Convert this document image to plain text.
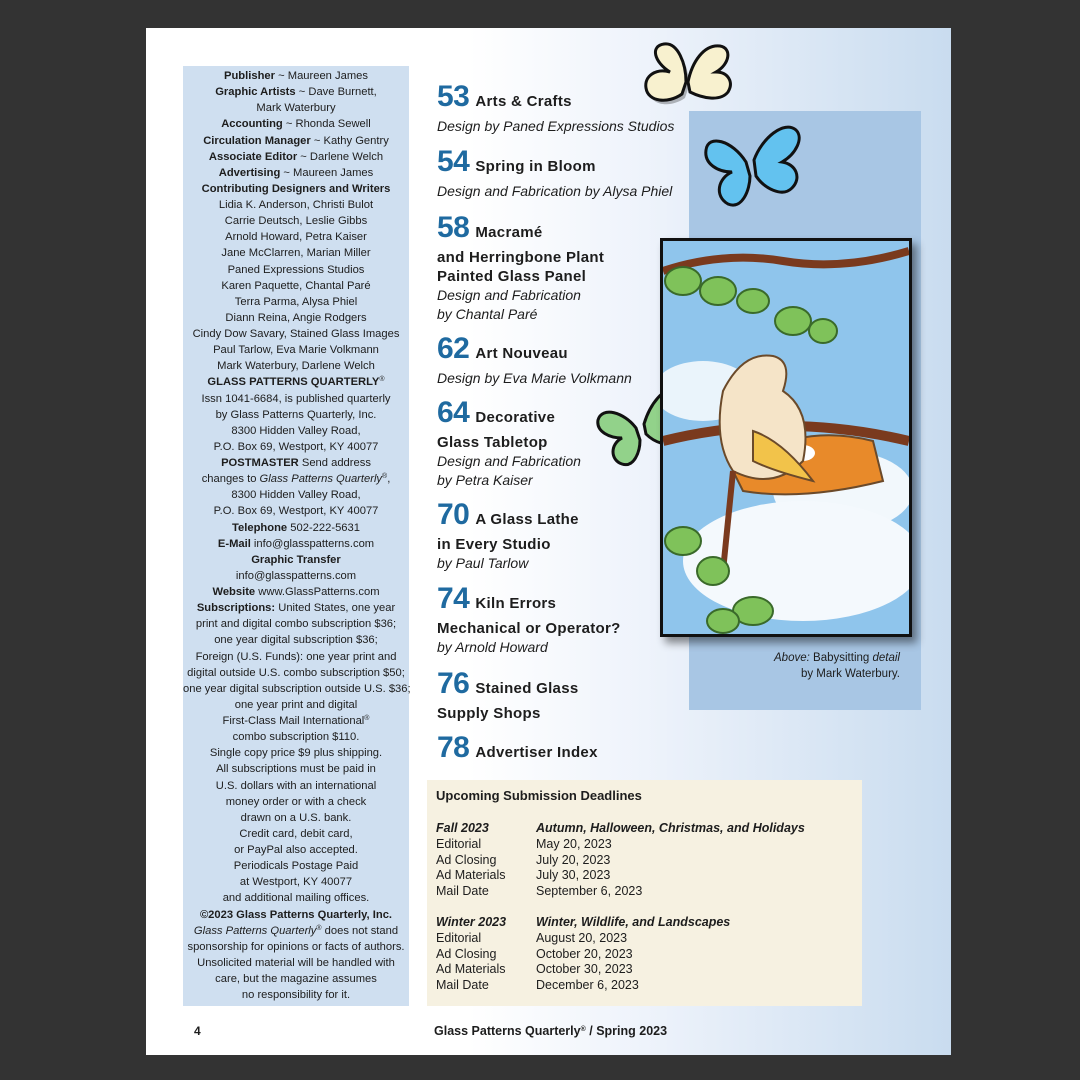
Publisher ~ Maureen James
Graphic Artists ~ Dave Burnett,
Mark Waterbury
Accounting ~ Rhonda Sewell
Circulation Manager ~ Kathy Gentry
Associate Editor ~ Darlene Welch
Advertising ~ Maureen James
Contributing Designers and Writers
Lidia K. Anderson, Christi Bulot
Carrie Deutsch, Leslie Gibbs
Arnold Howard, Petra Kaiser
Jane McClarren, Marian Miller
Paned Expressions Studios
Karen Paquette, Chantal Paré
Terra Parma, Alysa Phiel
Diann Reina, Angie Rodgers
Cindy Dow Savary, Stained Glass Images
Paul Tarlow, Eva Marie Volkmann
Mark Waterbury, Darlene Welch
GLASS PATTERNS QUARTERLY®
Issn 1041-6684, is published quarterly
by Glass Patterns Quarterly, Inc.
8300 Hidden Valley Road,
P.O. Box 69, Westport, KY 40077
POSTMASTER Send address
changes to Glass Patterns Quarterly®,
8300 Hidden Valley Road,
P.O. Box 69, Westport, KY 40077
Telephone 502-222-5631
E-Mail info@glasspatterns.com
Graphic Transfer
info@glasspatterns.com
Website www.GlassPatterns.com
Subscriptions: United States, one year
print and digital combo subscription $36;
one year digital subscription $36;
Foreign (U.S. Funds): one year print and
digital outside U.S. combo subscription $50;
one year digital subscription outside U.S. $36;
one year print and digital
First-Class Mail International®
combo subscription $110.
Single copy price $9 plus shipping.
All subscriptions must be paid in
U.S. dollars with an international
money order or with a check
drawn on a U.S. bank.
Credit card, debit card,
or PayPal also accepted.
Periodicals Postage Paid
at Westport, KY 40077
and additional mailing offices.
©2023 Glass Patterns Quarterly, Inc.
Glass Patterns Quarterly® does not stand
sponsorship for opinions or facts of authors.
Unsolicited material will be handled with
care, but the magazine assumes
no responsibility for it.
Above: Babysitting detail
by Mark Waterbury.
53 Arts & Crafts
Design by Paned Expressions Studios
54 Spring in Bloom
Design and Fabrication by Alysa Phiel
58 Macramé
and Herringbone Plant
Painted Glass Panel
Design and Fabrication
by Chantal Paré
62 Art Nouveau
Design by Eva Marie Volkmann
64 Decorative
Glass Tabletop
Design and Fabrication
by Petra Kaiser
70 A Glass Lathe
in Every Studio
by Paul Tarlow
74 Kiln Errors
Mechanical or Operator?
by Arnold Howard
76 Stained Glass
Supply Shops
78 Advertiser Index
Upcoming Submission Deadlines
Fall 2023	Autumn, Halloween, Christmas, and Holidays
Editorial	May 20, 2023
Ad Closing	July 20, 2023
Ad Materials	July 30, 2023
Mail Date	September 6, 2023
Winter 2023	Winter, Wildlife, and Landscapes
Editorial	August 20, 2023
Ad Closing	October 20, 2023
Ad Materials	October 30, 2023
Mail Date	December 6, 2023
4	Glass Patterns Quarterly® / Spring 2023
